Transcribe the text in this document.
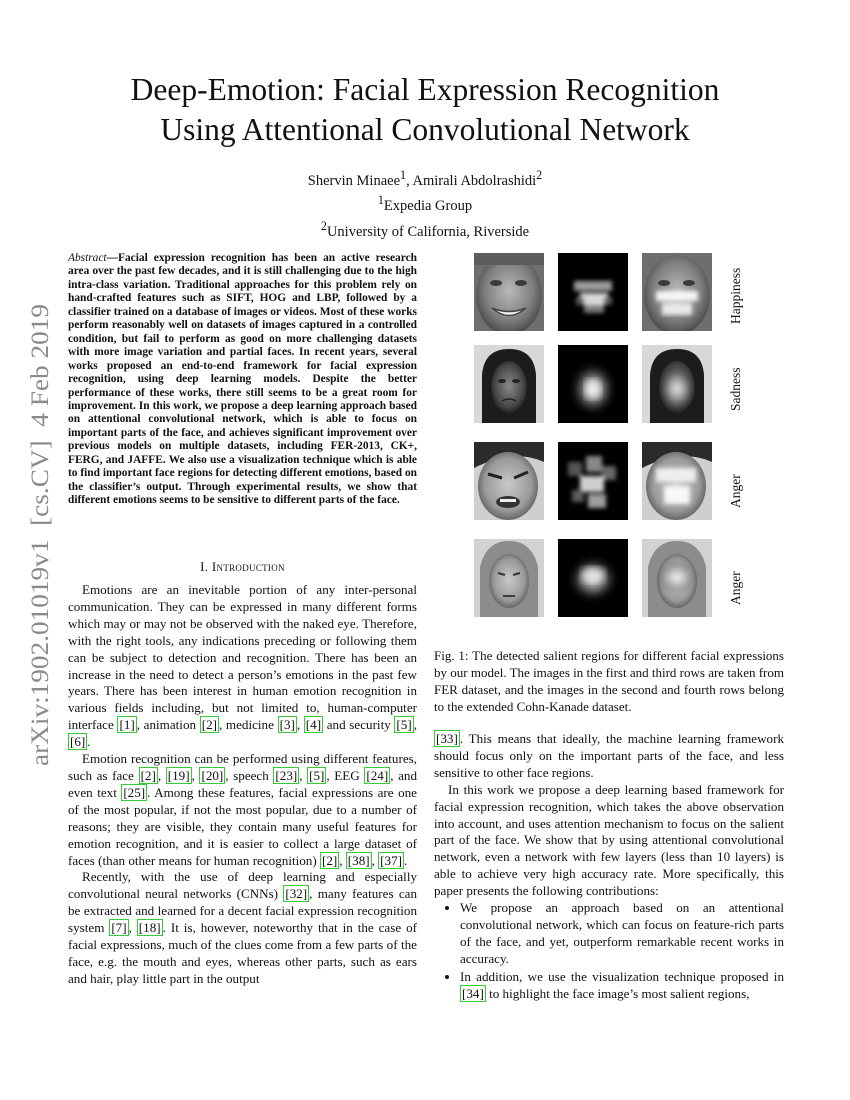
arXiv:1902.01019v1  [cs.CV]  4 Feb 2019
Deep-Emotion: Facial Expression Recognition
Using Attentional Convolutional Network
Shervin Minaee$^1$, Amirali Abdolrashidi$^2$
$^1$Expedia Group
$^2$University of California, Riverside
Abstract—Facial expression recognition has been an active research area over the past few decades, and it is still challenging due to the high intra-class variation. Traditional approaches for this problem rely on hand-crafted features such as SIFT, HOG and LBP, followed by a classifier trained on a database of images or videos. Most of these works perform reasonably well on datasets of images captured in a controlled condition, but fail to perform as good on more challenging datasets with more image variation and partial faces. In recent years, several works proposed an end-to-end framework for facial expression recognition, using deep learning models. Despite the better performance of these works, there still seems to be a great room for improvement. In this work, we propose a deep learning approach based on attentional convolutional network, which is able to focus on important parts of the face, and achieves significant improvement over previous models on multiple datasets, including FER-2013, CK+, FERG, and JAFFE. We also use a visualization technique which is able to find important face regions for detecting different emotions, based on the classifier’s output. Through experimental results, we show that different emotions seems to be sensitive to different parts of the face.
I. Introduction

Emotions are an inevitable portion of any inter-personal communication. They can be expressed in many different forms which may or may not be observed with the naked eye. Therefore, with the right tools, any indications preceding or following them can be subject to detection and recognition. There has been an increase in the need to detect a person’s emotions in the past few years. There has been interest in human emotion recognition in various fields including, but not limited to, human-computer interface [1] , animation [2] , medicine [3] , [4] and security [5] , [6] .

Emotion recognition can be performed using different features, such as face [2] , [19] , [20] , speech [23] , [5] , EEG [24] , and even text [25] . Among these features, facial expressions are one of the most popular, if not the most popular, due to a number of reasons; they are visible, they contain many useful features for emotion recognition, and it is easier to collect a large dataset of faces (than other means for human recognition) [2] , [38] , [37] .

Recently, with the use of deep learning and especially convolutional neural networks (CNNs) [32] , many features can be extracted and learned for a decent facial expression recognition system [7] , [18] . It is, however, noteworthy that in the case of facial expressions, much of the clues come from a few parts of the face, e.g. the mouth and eyes, whereas other parts, such as ears and hair, play little part in the output

Happiness
Sadness
Anger
Anger
Fig. 1: The detected salient regions for different facial expressions by our model. The images in the first and third rows are taken from FER dataset, and the images in the second and fourth rows belong to the extended Cohn-Kanade dataset.

[33] . This means that ideally, the machine learning framework should focus only on the important parts of the face, and less sensitive to other face regions.

In this work we propose a deep learning based framework for facial expression recognition, which takes the above observation into account, and uses attention mechanism to focus on the salient part of the face. We show that by using attentional convolutional network, even a network with few layers (less than 10 layers) is able to achieve very high accuracy rate. More specifically, this paper presents the following contributions:

• We propose an approach based on an attentional convolutional network, which can focus on feature-rich parts of the face, and yet, outperform remarkable recent works in accuracy.
• In addition, we use the visualization technique proposed in [34] to highlight the face image’s most salient regions,
